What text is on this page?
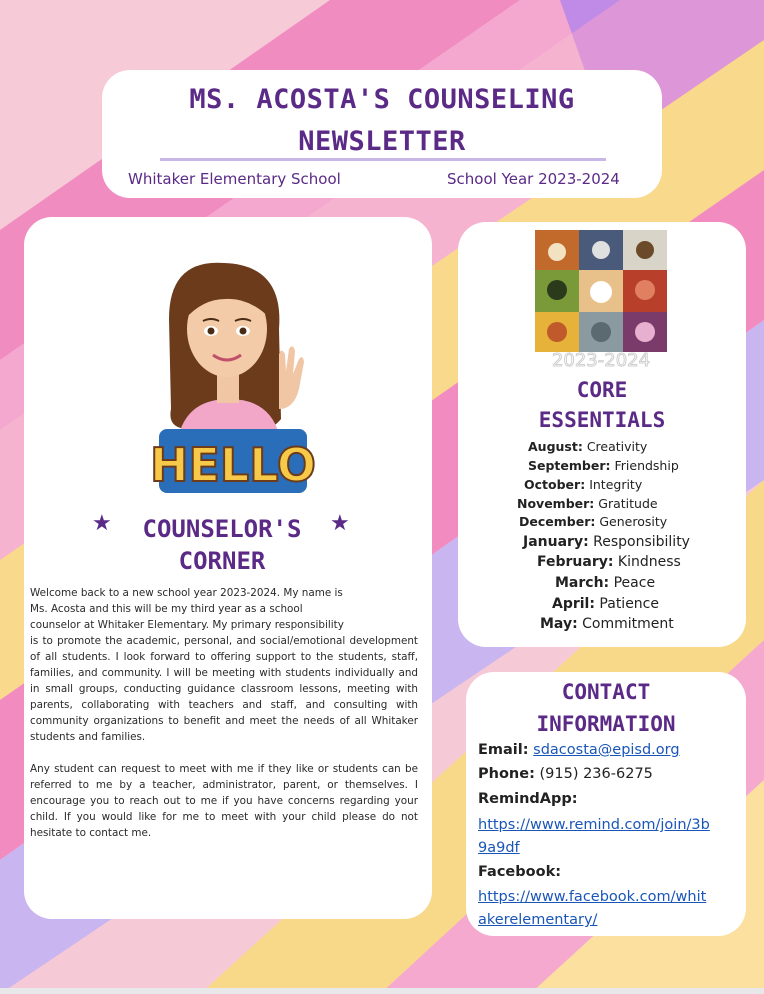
MS. ACOSTA'S COUNSELING
NEWSLETTER
Whitaker Elementary School	School Year 2023-2024
HELLO
★	★
COUNSELOR'S
CORNER

Welcome back to a new school year 2023-2024. My name is

Ms. Acosta and this will be my third year as a school

counselor at Whitaker Elementary. My primary responsibility

is to promote the academic, personal, and social/emotional development of all students. I look forward to offering support to the students, staff, families, and community. I will be meeting with students individually and in small groups, conducting guidance classroom lessons, meeting with parents, collaborating with teachers and staff, and consulting with community organizations to benefit and meet the needs of all Whitaker students and families.

Any student can request to meet with me if they like or students can be referred to me by a teacher, administrator, parent, or themselves. I encourage you to reach out to me if you have concerns regarding your child. If you would like for me to meet with your child please do not hesitate to contact me.

2023-2024
CORE
ESSENTIALS
August: Creativity
September: Friendship
October: Integrity
November: Gratitude
December: Generosity
January: Responsibility
February: Kindness
March: Peace
April: Patience
May: Commitment
CONTACT
INFORMATION
Email: sdacosta@episd.org
Phone: (915) 236-6275
RemindApp:
https://www.remind.com/join/3b
9a9df
Facebook:
https://www.facebook.com/whit
akerelementary/
